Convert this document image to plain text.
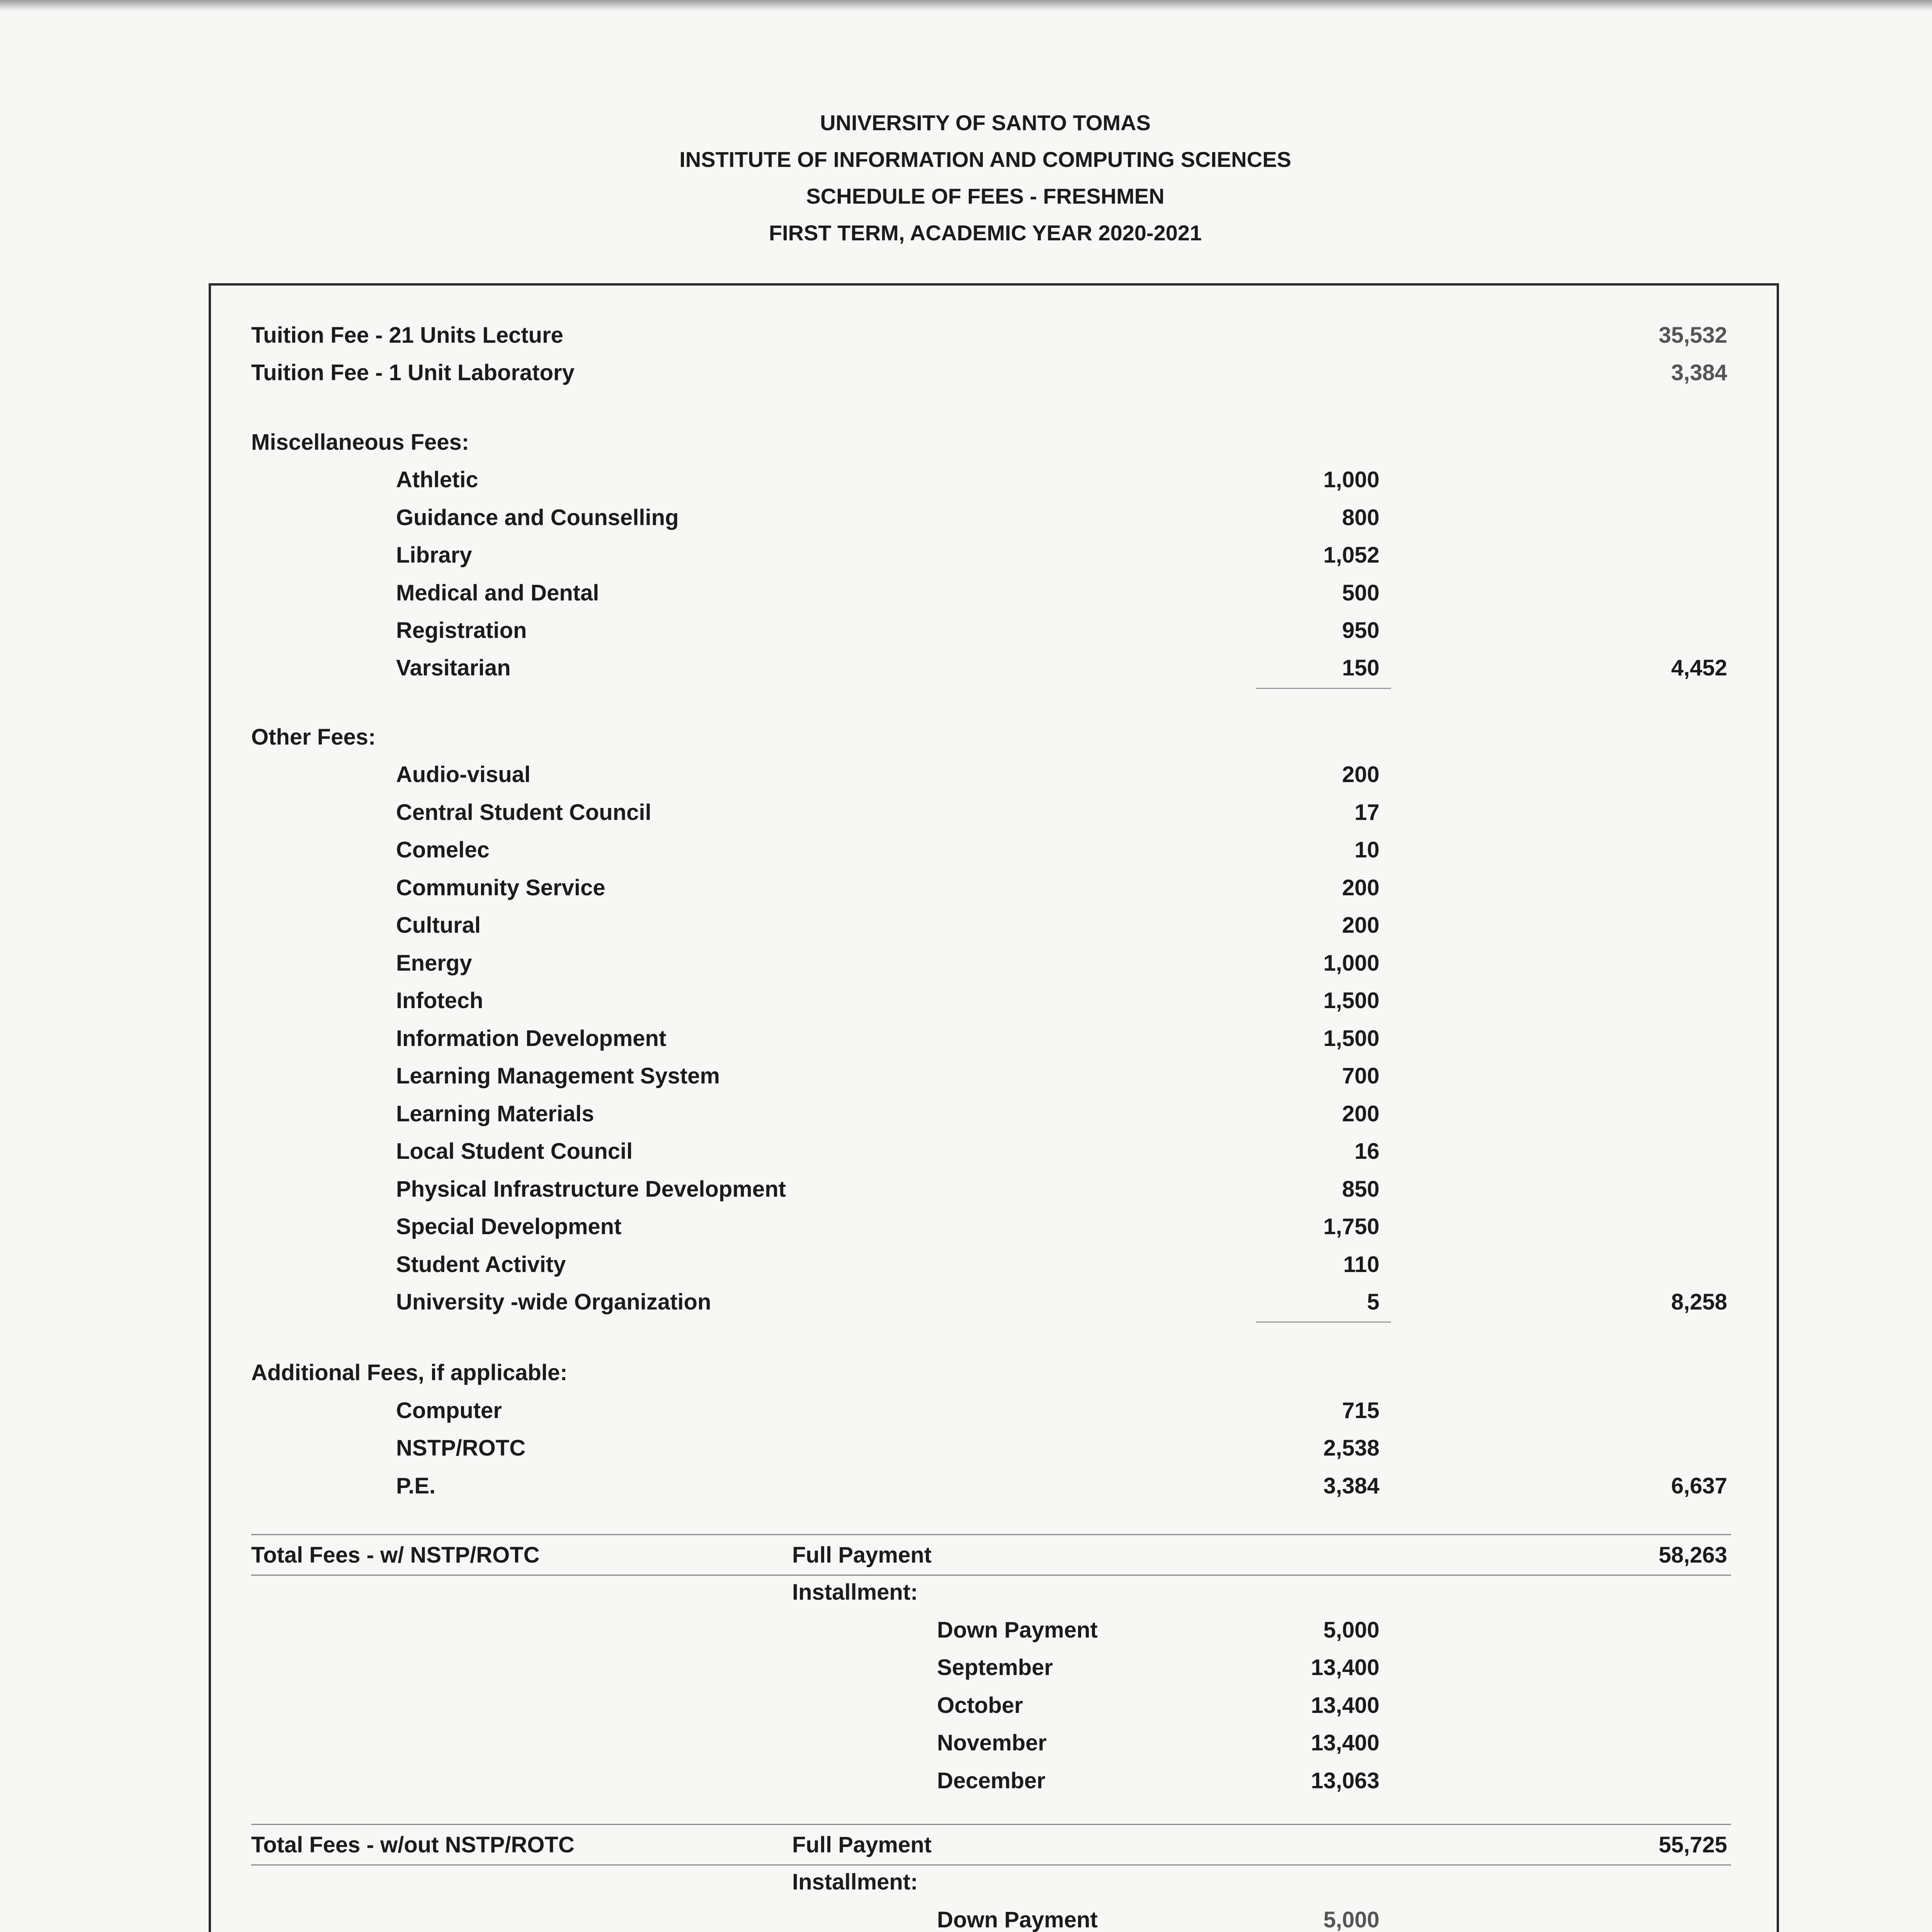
UNIVERSITY OF SANTO TOMAS
INSTITUTE OF INFORMATION AND COMPUTING SCIENCES
SCHEDULE OF FEES - FRESHMEN
FIRST TERM, ACADEMIC YEAR 2020-2021
Tuition Fee - 21 Units Lecture	35,532
Tuition Fee - 1 Unit Laboratory	3,384
Miscellaneous Fees:
Athletic	1,000
Guidance and Counselling	800
Library	1,052
Medical and Dental	500
Registration	950
Varsitarian	150	4,452
Other Fees:
Audio-visual	200
Central Student Council	17
Comelec	10
Community Service	200
Cultural	200
Energy	1,000
Infotech	1,500
Information Development	1,500
Learning Management System	700
Learning Materials	200
Local Student Council	16
Physical Infrastructure Development	850
Special Development	1,750
Student Activity	110
University -wide Organization	5	8,258
Additional Fees, if applicable:
Computer	715
NSTP/ROTC	2,538
P.E.	3,384	6,637
Total Fees - w/ NSTP/ROTC	Full Payment	58,263
Installment:
Down Payment	5,000
September	13,400
October	13,400
November	13,400
December	13,063
Total Fees - w/out NSTP/ROTC	Full Payment	55,725
Installment:
Down Payment	5,000
